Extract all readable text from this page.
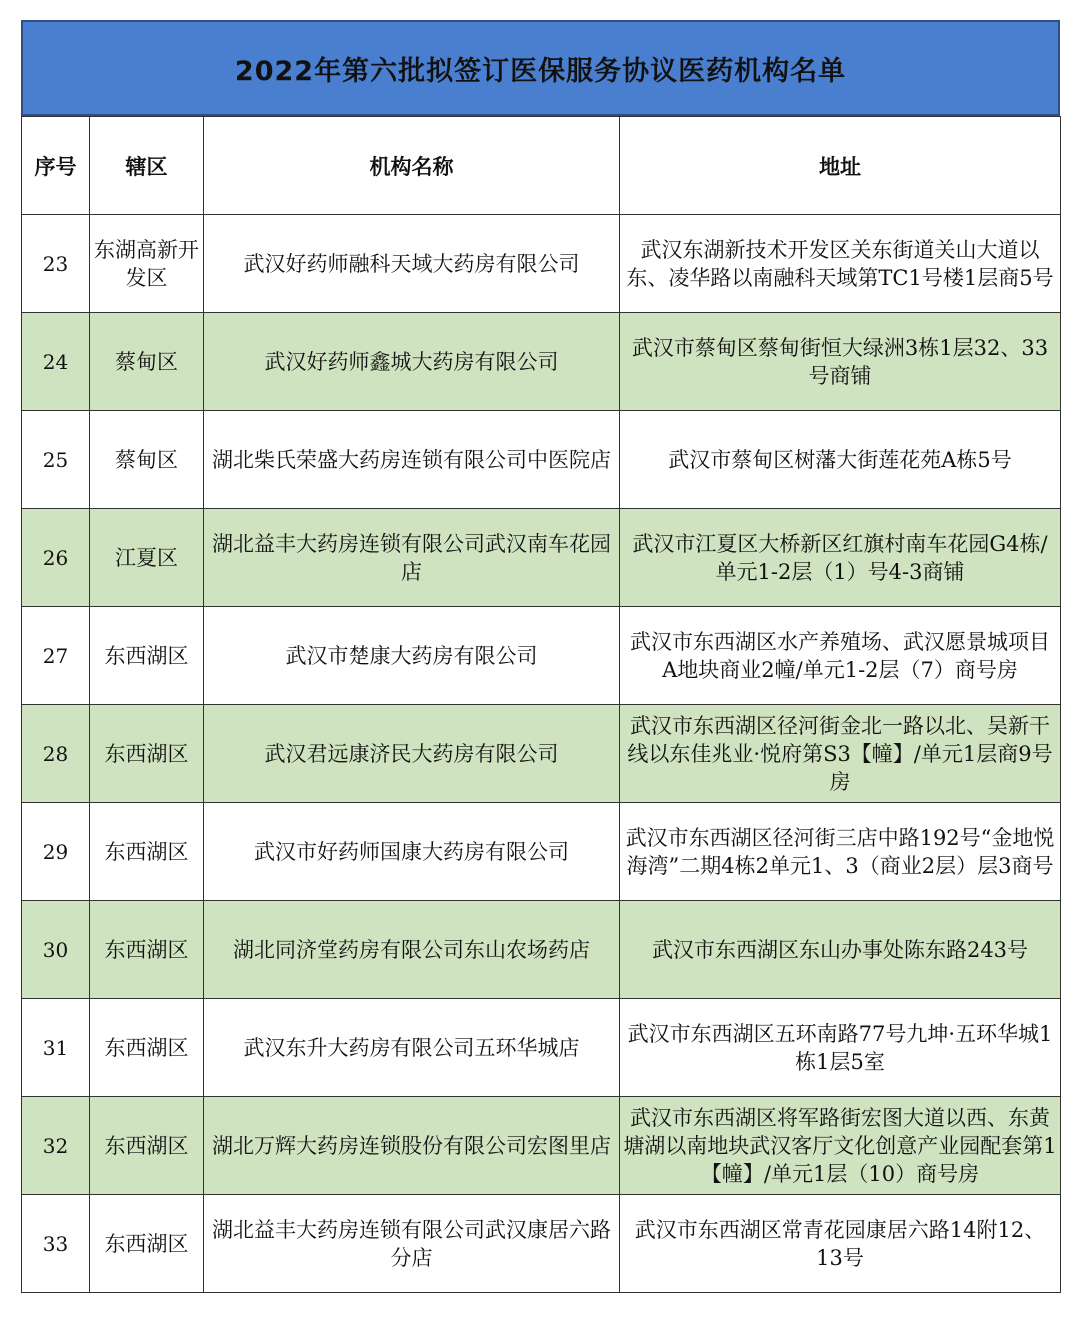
2022年第六批拟签订医保服务协议医药机构名单
序号	辖区	机构名称	地址
23	东湖高新开发区	武汉好药师融科天域大药房有限公司	武汉东湖新技术开发区关东街道关山大道以东、凌华路以南融科天域第TC1号楼1层商5号
24	蔡甸区	武汉好药师鑫城大药房有限公司	武汉市蔡甸区蔡甸街恒大绿洲3栋1层32、33号商铺
25	蔡甸区	湖北柴氏荣盛大药房连锁有限公司中医院店	武汉市蔡甸区树藩大街莲花苑A栋5号
26	江夏区	湖北益丰大药房连锁有限公司武汉南车花园店	武汉市江夏区大桥新区红旗村南车花园G4栋/单元1-2层（1）号4-3商铺
27	东西湖区	武汉市楚康大药房有限公司	武汉市东西湖区水产养殖场、武汉愿景城项目A地块商业2幢/单元1-2层（7）商号房
28	东西湖区	武汉君远康济民大药房有限公司	武汉市东西湖区径河街金北一路以北、吴新干线以东佳兆业·悦府第S3【幢】/单元1层商9号房
29	东西湖区	武汉市好药师国康大药房有限公司	武汉市东西湖区径河街三店中路192号“金地悦海湾”二期4栋2单元1、3（商业2层）层3商号
30	东西湖区	湖北同济堂药房有限公司东山农场药店	武汉市东西湖区东山办事处陈东路243号
31	东西湖区	武汉东升大药房有限公司五环华城店	武汉市东西湖区五环南路77号九坤·五环华城1栋1层5室
32	东西湖区	湖北万辉大药房连锁股份有限公司宏图里店	武汉市东西湖区将军路街宏图大道以西、东黄塘湖以南地块武汉客厅文化创意产业园配套第1【幢】/单元1层（10）商号房
33	东西湖区	湖北益丰大药房连锁有限公司武汉康居六路分店	武汉市东西湖区常青花园康居六路14附12、13号
